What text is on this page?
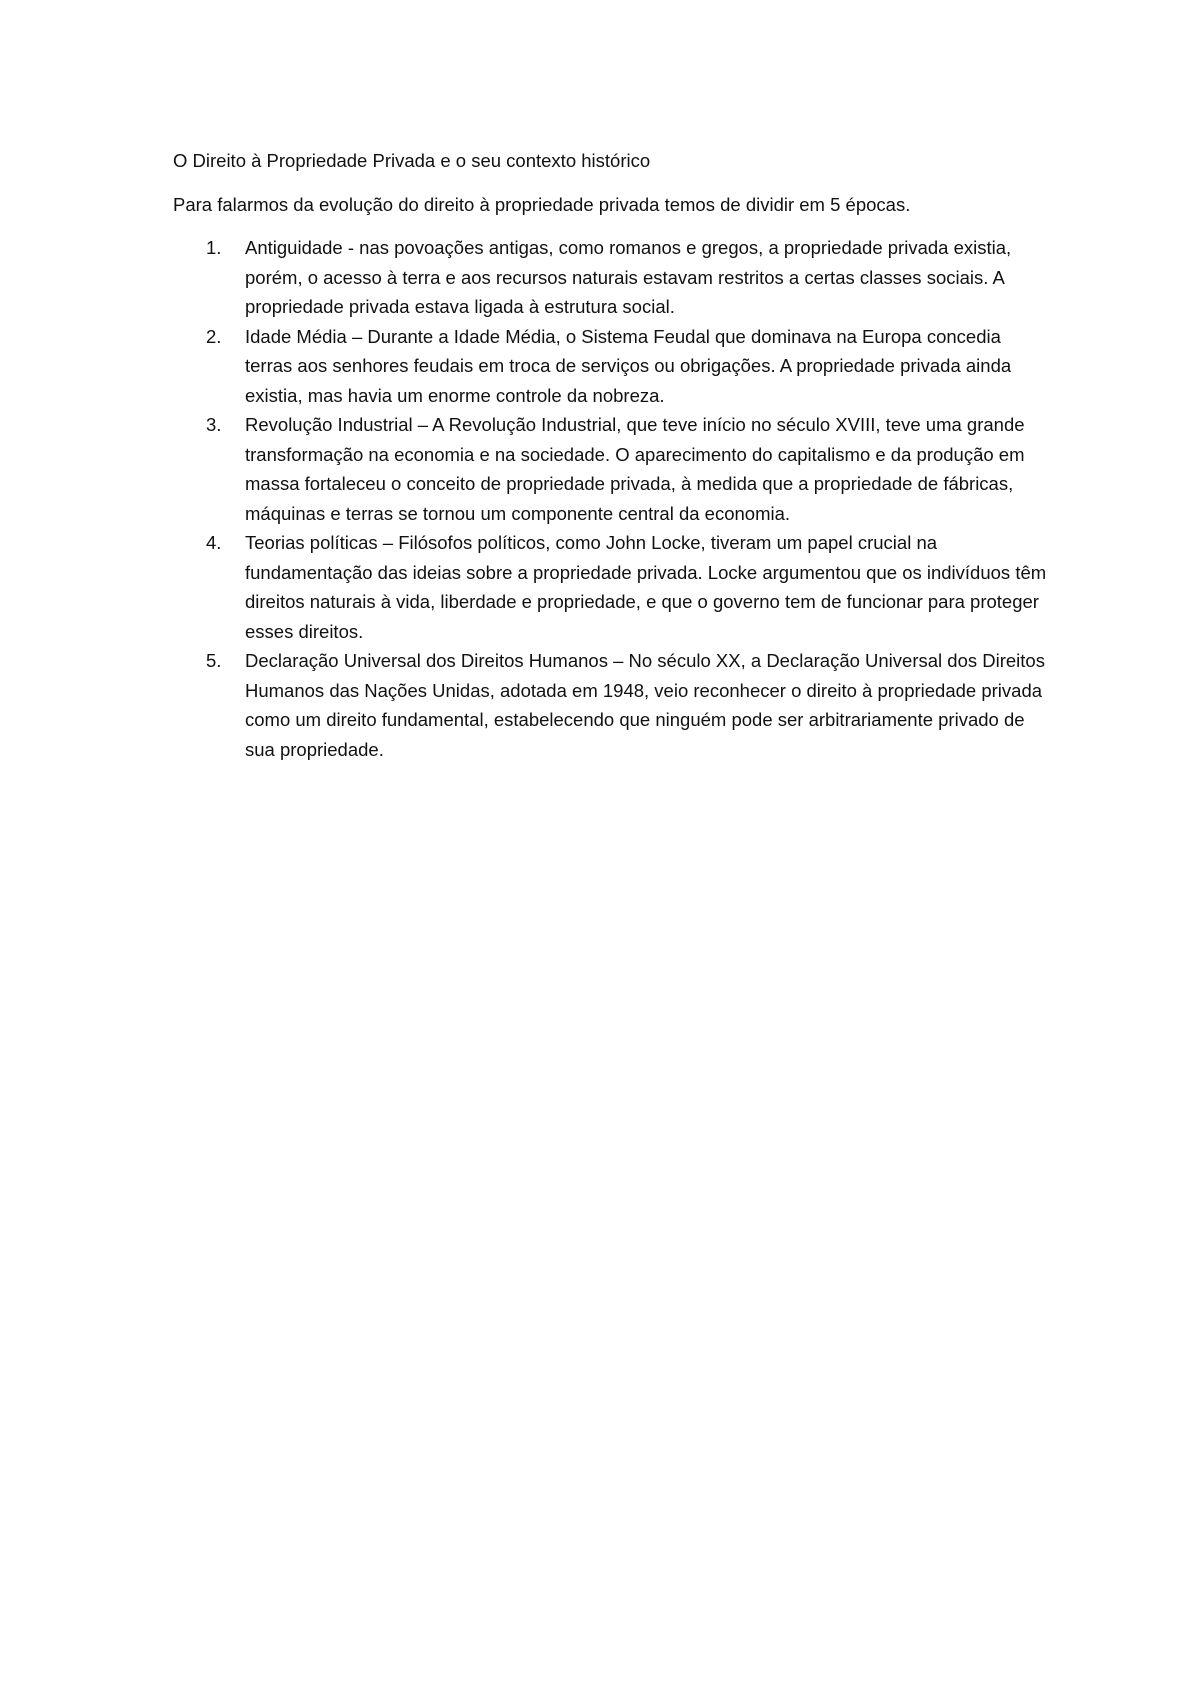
O Direito à Propriedade Privada e o seu contexto histórico

Para falarmos da evolução do direito à propriedade privada temos de dividir em 5 épocas.

1. Antiguidade - nas povoações antigas, como romanos e gregos, a propriedade privada existia, porém, o acesso à terra e aos recursos naturais estavam restritos a certas classes sociais. A propriedade privada estava ligada à estrutura social.
2. Idade Média – Durante a Idade Média, o Sistema Feudal que dominava na Europa concedia terras aos senhores feudais em troca de serviços ou obrigações. A propriedade privada ainda existia, mas havia um enorme controle da nobreza.
3. Revolução Industrial – A Revolução Industrial, que teve início no século XVIII, teve uma grande transformação na economia e na sociedade. O aparecimento do capitalismo e da produção em massa fortaleceu o conceito de propriedade privada, à medida que a propriedade de fábricas, máquinas e terras se tornou um componente central da economia.
4. Teorias políticas – Filósofos políticos, como John Locke, tiveram um papel crucial na fundamentação das ideias sobre a propriedade privada. Locke argumentou que os indivíduos têm direitos naturais à vida, liberdade e propriedade, e que o governo tem de funcionar para proteger esses direitos.
5. Declaração Universal dos Direitos Humanos – No século XX, a Declaração Universal dos Direitos Humanos das Nações Unidas, adotada em 1948, veio reconhecer o direito à propriedade privada como um direito fundamental, estabelecendo que ninguém pode ser arbitrariamente privado de sua propriedade.
